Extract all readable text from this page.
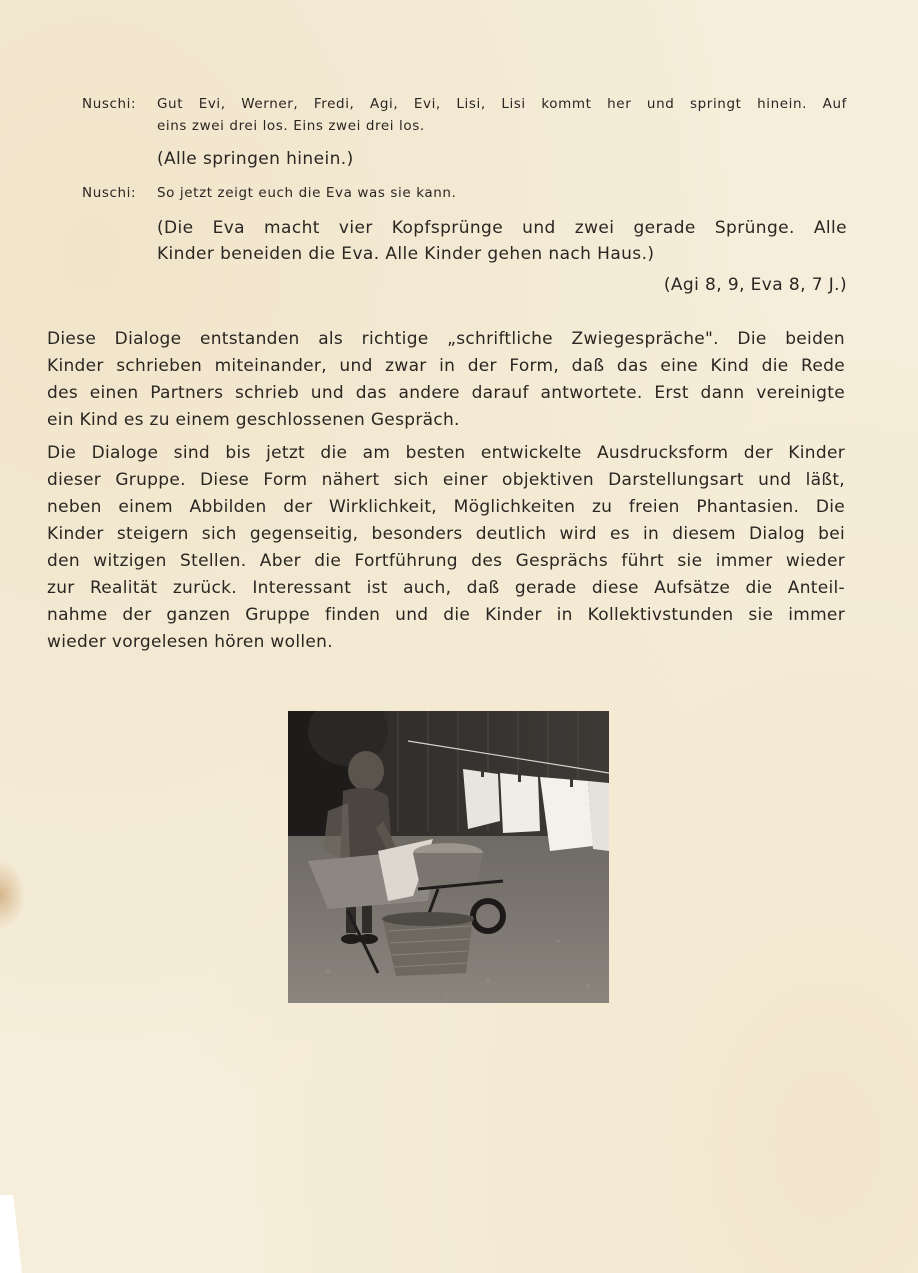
Nuschi:	Gut Evi, Werner, Fredi, Agi, Evi, Lisi, Lisi kommt her und springt hinein. Auf
eins zwei drei los. Eins zwei drei los.
(Alle springen hinein.)
Nuschi:	So jetzt zeigt euch die Eva was sie kann.
(Die Eva macht vier Kopfsprünge und zwei gerade Sprünge. Alle
Kinder beneiden die Eva. Alle Kinder gehen nach Haus.)
(Agi 8, 9, Eva 8, 7 J.)
Diese Dialoge entstanden als richtige „schriftliche Zwiegespräche". Die beiden
Kinder schrieben miteinander, und zwar in der Form, daß das eine Kind die Rede
des einen Partners schrieb und das andere darauf antwortete. Erst dann vereinigte
ein Kind es zu einem geschlossenen Gespräch.
Die Dialoge sind bis jetzt die am besten entwickelte Ausdrucksform der Kinder
dieser Gruppe. Diese Form nähert sich einer objektiven Darstellungsart und läßt,
neben einem Abbilden der Wirklichkeit, Möglichkeiten zu freien Phantasien. Die
Kinder steigern sich gegenseitig, besonders deutlich wird es in diesem Dialog bei
den witzigen Stellen. Aber die Fortführung des Gesprächs führt sie immer wieder
zur Realität zurück. Interessant ist auch, daß gerade diese Aufsätze die Anteil-
nahme der ganzen Gruppe finden und die Kinder in Kollektivstunden sie immer
wieder vorgelesen hören wollen.
